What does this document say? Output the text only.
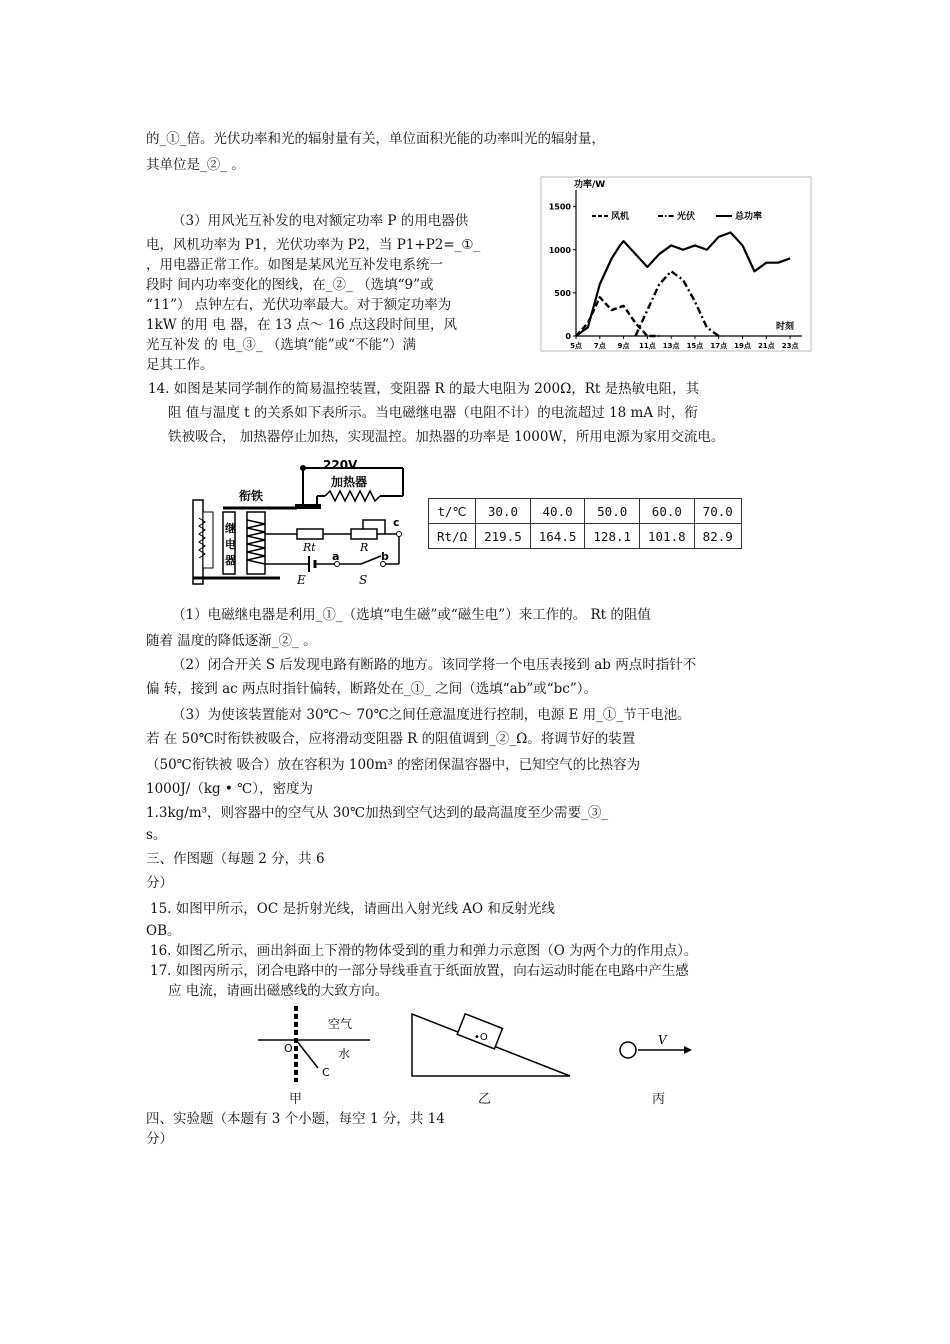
的_①_倍。光伏功率和光的辐射量有关，单位面积光能的功率叫光的辐射量，
其单位是_②_ 。
（3）用风光互补发的电对额定功率 P 的用电器供
电，风机功率为 P1，光伏功率为 P2，当 P1+P2=_①_
，用电器正常工作。如图是某风光互补发电系统一
段时 间内功率变化的图线，在_②_ （选填“9”或
“11”） 点钟左右，光伏功率最大。对于额定功率为
1kW 的用 电 器，在 13 点～ 16 点这段时间里，风
光互补发 的 电_③_ （选填“能”或“不能”）满
足其工作。
功率/W
时刻
0
500
1000
1500
5点 7点 9点 11点 13点 15点 17点 19点 21点 23点
风机	光伏	总功率
14. 如图是某同学制作的简易温控装置，变阻器 R 的最大电阻为 200Ω，Rt 是热敏电阻，其
阻 值与温度 t 的关系如下表所示。当电磁继电器（电阻不计）的电流超过 18 mA 时，衔
铁被吸合， 加热器停止加热，实现温控。加热器的功率是 1000W，所用电源为家用交流电。
220V
加热器
衔铁
继
电
器
Rt	R
c
a	b
E	S
t/℃	30.0	40.0	50.0	60.0	70.0
Rt/Ω	219.5	164.5	128.1	101.8	82.9
（1）电磁继电器是利用_①_（选填“电生磁”或“磁生电”）来工作的。 Rt 的阻值
随着 温度的降低逐渐_②_ 。
（2）闭合开关 S 后发现电路有断路的地方。该同学将一个电压表接到 ab 两点时指针不
偏 转，接到 ac 两点时指针偏转，断路处在_①_ 之间（选填“ab”或“bc”）。
（3）为使该装置能对 30℃～ 70℃之间任意温度进行控制，电源 E 用_①_节干电池。
若 在 50℃时衔铁被吸合，应将滑动变阻器 R 的阻值调到_②_Ω。将调节好的装置
（50℃衔铁被 吸合）放在容积为 100m³ 的密闭保温容器中，已知空气的比热容为
1000J/（kg • ℃），密度为
1.3kg/m³，则容器中的空气从 30℃加热到空气达到的最高温度至少需要_③_
s。
三、作图题（每题 2 分，共 6
分）
15. 如图甲所示，OC 是折射光线，请画出入射光线 AO 和反射光线
OB。
16. 如图乙所示，画出斜面上下滑的物体受到的重力和弹力示意图（O 为两个力的作用点）。
17. 如图丙所示，闭合电路中的一部分导线垂直于纸面放置，向右运动时能在电路中产生感
应 电流，请画出磁感线的大致方向。
空气
水
O
C
甲
•O
乙
V
丙
四、实验题（本题有 3 个小题，每空 1 分，共 14
分）
